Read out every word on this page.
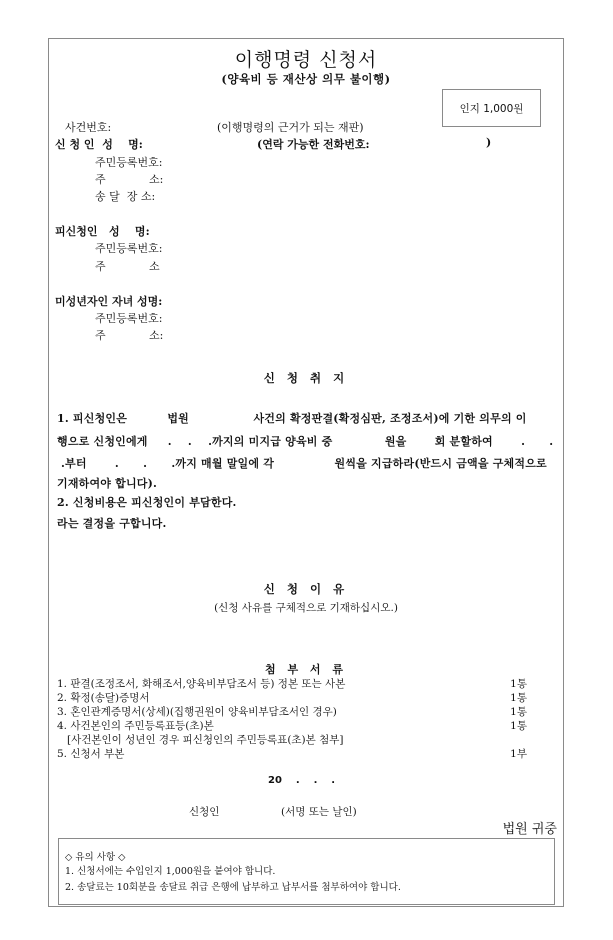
이행명령 신청서
(양육비 등 재산상 의무 불이행)
인지 1,000원
사건번호:	(이행명령의 근거가 되는 재판)
신 청 인  성    명:	(연락 가능한 전화번호:	)
주민등록번호:
주	소:
송 달  장 소:
피신청인   성    명:
주민등록번호:
주	소
미성년자인 자녀 성명:
주민등록번호:
주	소:
신 청 취 지
1. 피신청인은          법원                사건의 확정판결(확정심판, 조정조서)에 기한 의무의 이
행으로 신청인에게     .    .    .까지의 미지급 양육비 중             원을       회 분할하여       .      .
.부터       .      .      .까지 매월 말일에 각               원씩을 지급하라(반드시 금액을 구체적으로
기재하여야 합니다).
2. 신청비용은 피신청인이 부담한다.
라는 결정을 구합니다.
신 청 이 유
(신청 사유를 구체적으로 기재하십시오.)
첨 부 서 류
1. 판결(조정조서, 화해조서,양육비부담조서 등) 정본 또는 사본	1통
2. 확정(송달)증명서	1통
3. 혼인관계증명서(상세)(집행권원이 양육비부담조서인 경우)	1통
4. 사건본인의 주민등록표등(초)본	1통
[사건본인이 성년인 경우 피신청인의 주민등록표(초)본 첨부]
5. 신청서 부본	1부
20    .    .    .
신청인	(서명 또는 날인)
법원 귀중
◇ 유의 사항 ◇
1. 신청서에는 수입인지 1,000원을 붙여야 합니다.
2. 송달료는 10회분을 송달료 취급 은행에 납부하고 납부서를 첨부하여야 합니다.
